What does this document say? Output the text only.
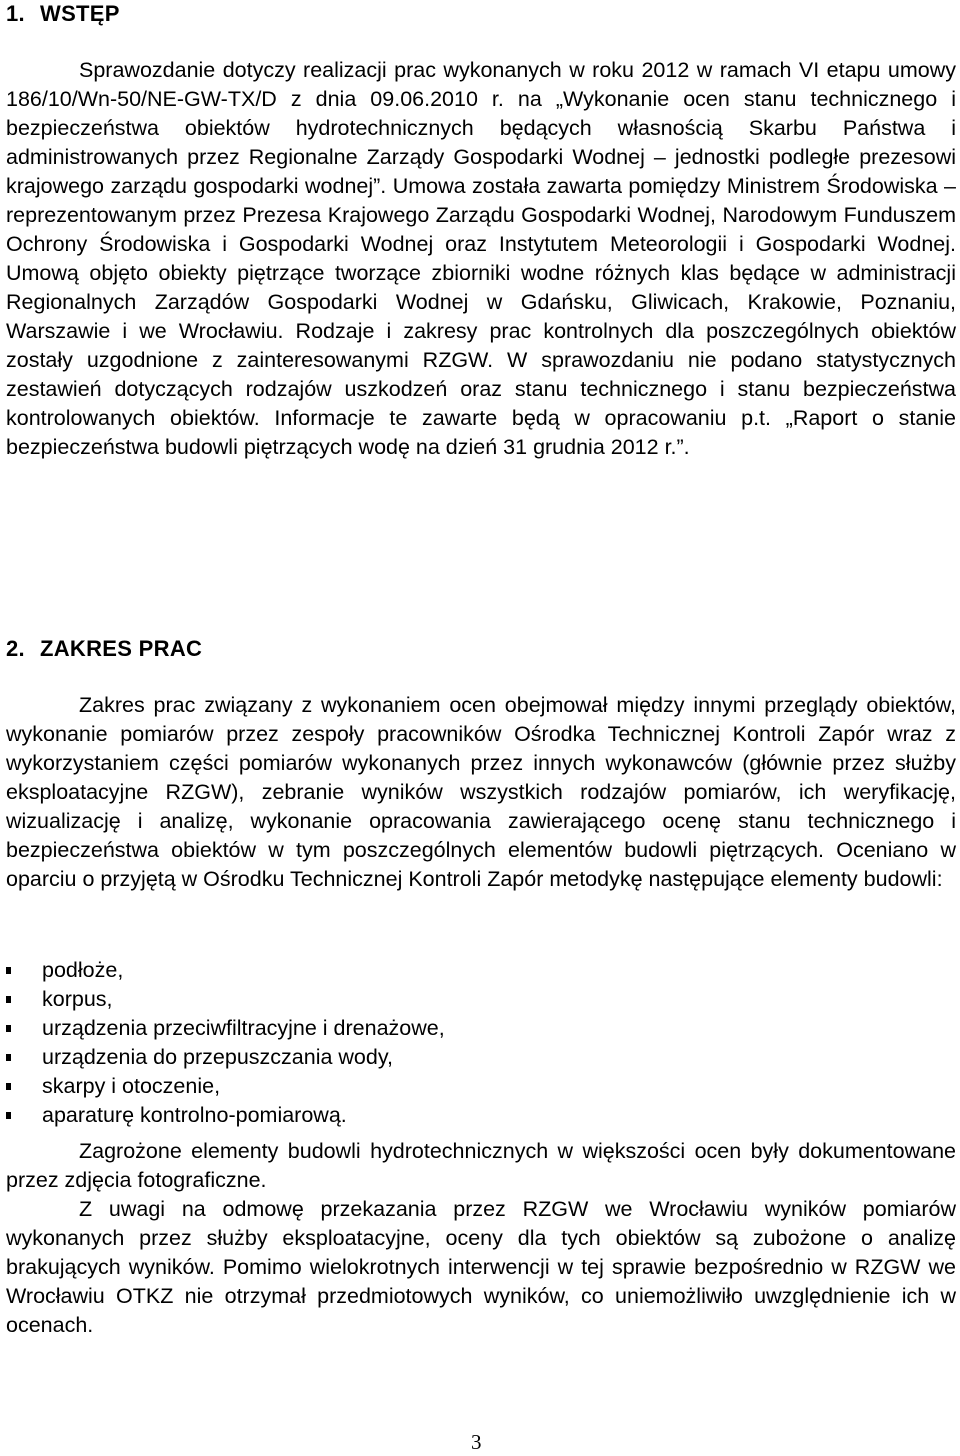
1. WSTĘP

Sprawozdanie dotyczy realizacji prac wykonanych w roku 2012 w ramach VI etapu umowy 186/10/Wn-50/NE-GW-TX/D z dnia 09.06.2010 r. na „Wykonanie ocen stanu technicznego i bezpieczeństwa obiektów hydrotechnicznych będących własnością Skarbu Państwa i administrowanych przez Regionalne Zarządy Gospodarki Wodnej – jednostki podległe prezesowi krajowego zarządu gospodarki wodnej”. Umowa została zawarta pomiędzy Ministrem Środowiska – reprezentowanym przez Prezesa Krajowego Zarządu Gospodarki Wodnej, Narodowym Funduszem Ochrony Środowiska i Gospodarki Wodnej oraz Instytutem Meteorologii i Gospodarki Wodnej. Umową objęto obiekty piętrzące tworzące zbiorniki wodne różnych klas będące w administracji Regionalnych Zarządów Gospodarki Wodnej w Gdańsku, Gliwicach, Krakowie, Poznaniu, Warszawie i we Wrocławiu. Rodzaje i zakresy prac kontrolnych dla poszczególnych obiektów zostały uzgodnione z zainteresowanymi RZGW. W sprawozdaniu nie podano statystycznych zestawień dotyczących rodzajów uszkodzeń oraz stanu technicznego i stanu bezpieczeństwa kontrolowanych obiektów. Informacje te zawarte będą w opracowaniu p.t. „Raport o stanie bezpieczeństwa budowli piętrzących wodę na dzień 31 grudnia 2012 r.”.

2. ZAKRES PRAC

Zakres prac związany z wykonaniem ocen obejmował między innymi przeglądy obiektów, wykonanie pomiarów przez zespoły pracowników Ośrodka Technicznej Kontroli Zapór wraz z wykorzystaniem części pomiarów wykonanych przez innych wykonawców (głównie przez służby eksploatacyjne RZGW), zebranie wyników wszystkich rodzajów pomiarów, ich weryfikację, wizualizację i analizę, wykonanie opracowania zawierającego ocenę stanu technicznego i bezpieczeństwa obiektów w tym poszczególnych elementów budowli piętrzących. Oceniano w oparciu o przyjętą w Ośrodku Technicznej Kontroli Zapór metodykę następujące elementy budowli:

podłoże,
korpus,
urządzenia przeciwfiltracyjne i drenażowe,
urządzenia do przepuszczania wody,
skarpy i otoczenie,
aparaturę kontrolno-pomiarową.

Zagrożone elementy budowli hydrotechnicznych w większości ocen były dokumentowane przez zdjęcia fotograficzne.

Z uwagi na odmowę przekazania przez RZGW we Wrocławiu wyników pomiarów wykonanych przez służby eksploatacyjne, oceny dla tych obiektów są zubożone o analizę brakujących wyników. Pomimo wielokrotnych interwencji w tej sprawie bezpośrednio w RZGW we Wrocławiu OTKZ nie otrzymał przedmiotowych wyników, co uniemożliwiło uwzględnienie ich w ocenach.

3
